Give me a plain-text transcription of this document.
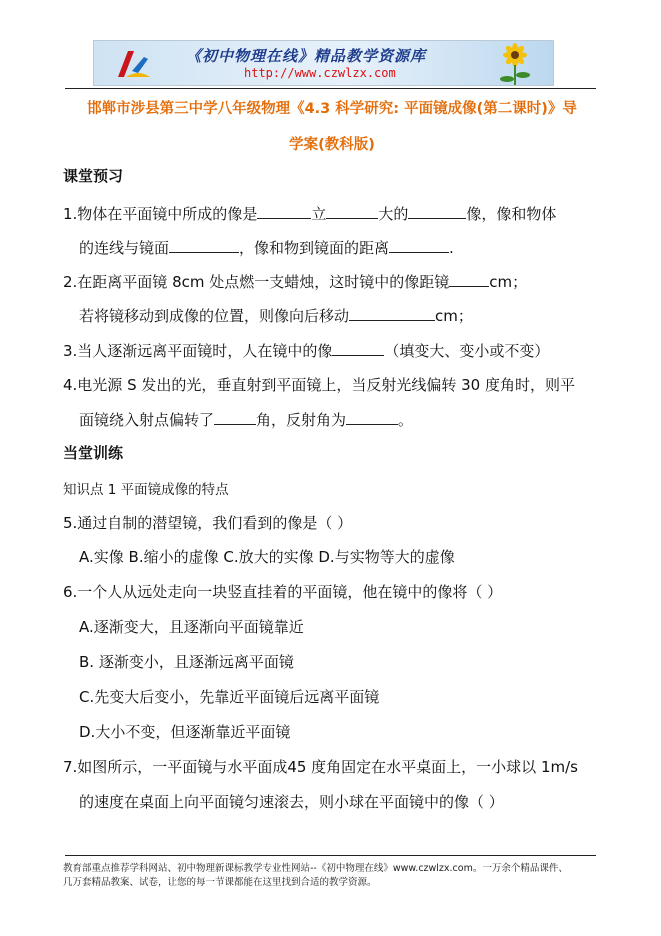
《初中物理在线》精品教学资源库
http://www.czwlzx.com
邯郸市涉县第三中学八年级物理《4.3 科学研究: 平面镜成像(第二课时)》导
学案(教科版)
课堂预习
1.物体在平面镜中所成的像是	立	大的	像，像和物体
的连线与镜面	，像和物到镜面的距离	.
2.在距离平面镜 8cm 处点燃一支蜡烛，这时镜中的像距镜	cm；
若将镜移动到成像的位置，则像向后移动	cm；
3.当人逐渐远离平面镜时，人在镜中的像	（填变大、变小或不变）
4.电光源 S 发出的光，垂直射到平面镜上，当反射光线偏转 30 度角时，则平
面镜绕入射点偏转了	角，反射角为	。
当堂训练
知识点 1 平面镜成像的特点
5.通过自制的潜望镜，我们看到的像是（ ）
A.实像 B.缩小的虚像 C.放大的实像 D.与实物等大的虚像
6.一个人从远处走向一块竖直挂着的平面镜，他在镜中的像将（ ）
A.逐渐变大，且逐渐向平面镜靠近
B. 逐渐变小，且逐渐远离平面镜
C.先变大后变小，先靠近平面镜后远离平面镜
D.大小不变，但逐渐靠近平面镜
7.如图所示，一平面镜与水平面成45 度角固定在水平桌面上，一小球以 1m/s
的速度在桌面上向平面镜匀速滚去，则小球在平面镜中的像（ ）
教育部重点推荐学科网站、初中物理新课标教学专业性网站--《初中物理在线》www.czwlzx.com。一万余个精品课件、
几万套精品教案、试卷，让您的每一节课都能在这里找到合适的教学资源。
